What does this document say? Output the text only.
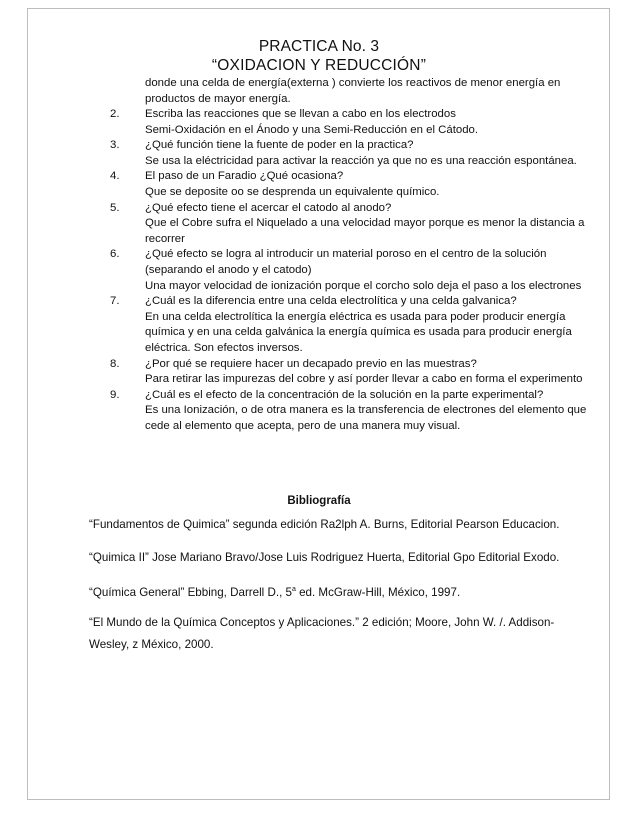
PRACTICA No. 3
“OXIDACION Y REDUCCIÓN”
donde una celda de energía(externa ) convierte los reactivos de menor energía en productos de mayor energía.
2.	Escriba las reacciones que se llevan a cabo en los electrodos
Semi-Oxidación en el Ánodo y una Semi-Reducción en el Cátodo.
3.	¿Qué función tiene la fuente de poder en la practica?
Se usa la eléctricidad para activar la reacción ya que no es una reacción espontánea.
4.	El paso de un Faradio ¿Qué ocasiona?
Que se deposite oo se desprenda un equivalente químico.
5.	¿Qué efecto tiene el acercar el catodo al anodo?
Que el Cobre sufra el Niquelado a una velocidad mayor porque es menor la distancia a recorrer
6.	¿Qué efecto se logra al introducir un material poroso en el centro de la solución (separando el anodo y el catodo)
Una mayor velocidad de ionización porque el corcho solo deja el paso a los electrones
7.	¿Cuál es la diferencia entre una celda electrolítica y una celda galvanica?
En una celda electrolítica la energía eléctrica es usada para poder producir energía química y en una celda galvánica la energía química es usada para producir energía eléctrica. Son efectos inversos.
8.	¿Por qué se requiere hacer un decapado previo en las muestras?
Para retirar las impurezas del cobre y así porder llevar a cabo en forma el experimento
9.	¿Cuál es el efecto de la concentración de la solución en la parte experimental?
Es una Ionización, o de otra manera es la transferencia de electrones del elemento que cede al elemento que acepta, pero de una manera muy visual.
Bibliografía
“Fundamentos de Quimica” segunda edición Ra2lph A. Burns, Editorial Pearson Educacion.
“Quimica II” Jose Mariano Bravo/Jose Luis Rodriguez Huerta, Editorial Gpo Editorial Exodo.
“Química General” Ebbing, Darrell D., 5$^a$ ed. McGraw-Hill, México, 1997.
“El Mundo de la Química Conceptos y Aplicaciones.” 2 edición; Moore, John W. /. Addison-Wesley, z México, 2000.
